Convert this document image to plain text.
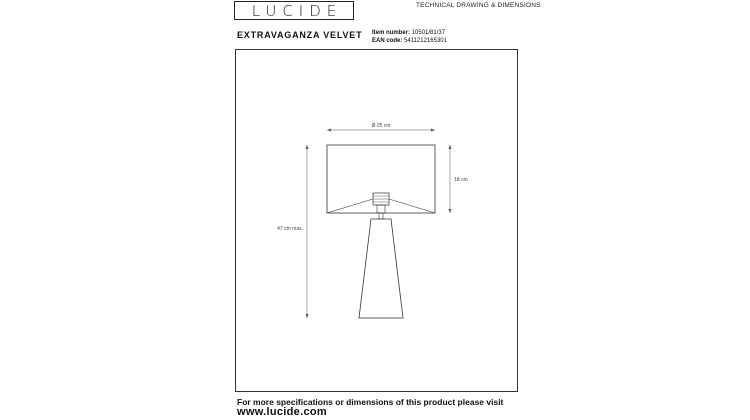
LUCIDE	TECHNICAL DRAWING & DIMENSIONS
EXTRAVAGANZA VELVET Item number: 10501/81/37
EAN code: 5411212165301
Ø 25 cm
18 cm
47 cm max.
For more specifications or dimensions of this product please visit
www.lucide.com
